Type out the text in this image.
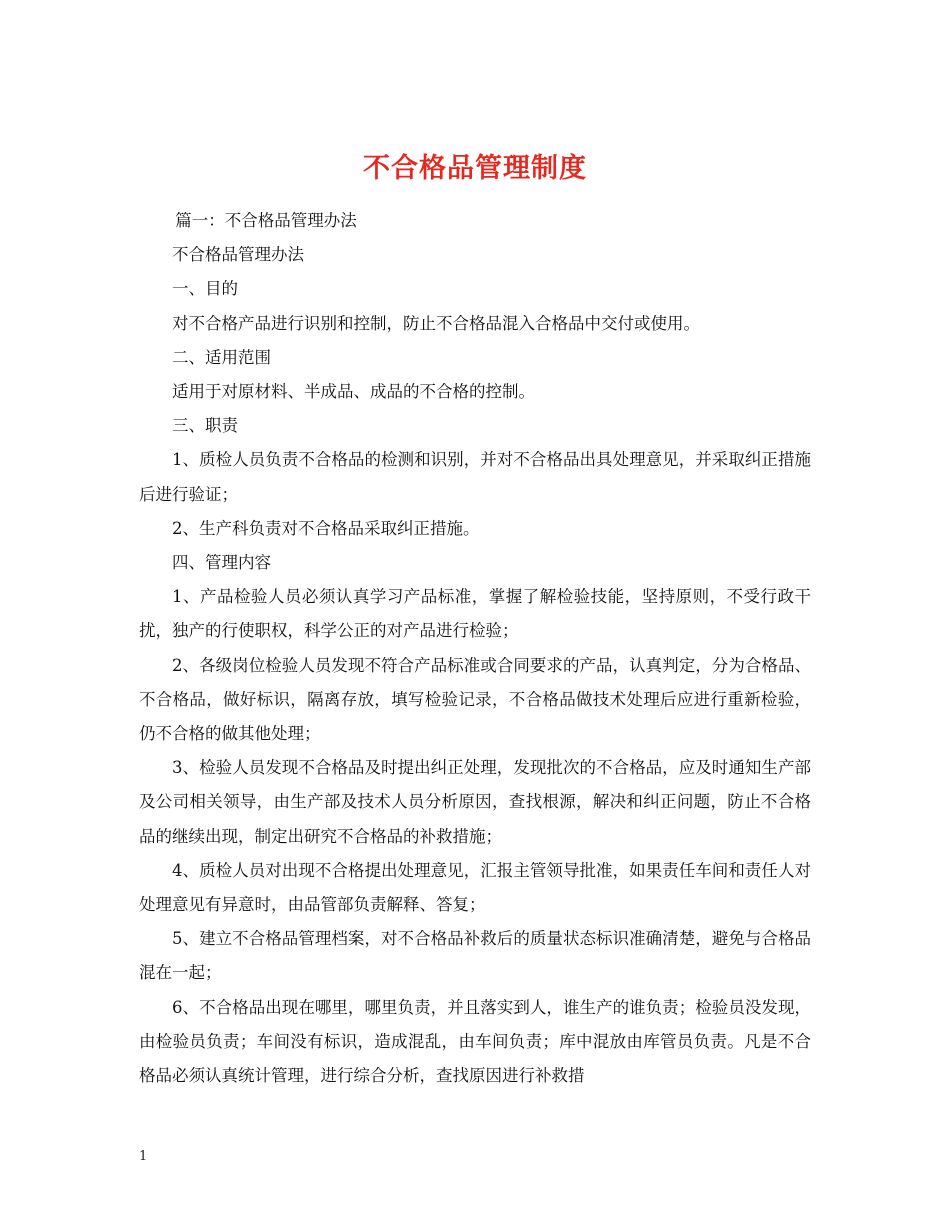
不合格品管理制度

篇一：不合格品管理办法

不合格品管理办法

一、目的

对不合格产品进行识别和控制，防止不合格品混入合格品中交付或使用。

二、适用范围

适用于对原材料、半成品、成品的不合格的控制。

三、职责

1、质检人员负责不合格品的检测和识别，并对不合格品出具处理意见，并采取纠正措施后进行验证；

2、生产科负责对不合格品采取纠正措施。

四、管理内容

1、产品检验人员必须认真学习产品标准，掌握了解检验技能，坚持原则，不受行政干扰，独产的行使职权，科学公正的对产品进行检验；

2、各级岗位检验人员发现不符合产品标准或合同要求的产品，认真判定，分为合格品、不合格品，做好标识，隔离存放，填写检验记录，不合格品做技术处理后应进行重新检验，仍不合格的做其他处理；

3、检验人员发现不合格品及时提出纠正处理，发现批次的不合格品，应及时通知生产部及公司相关领导，由生产部及技术人员分析原因，查找根源，解决和纠正问题，防止不合格品的继续出现，制定出研究不合格品的补救措施；

4、质检人员对出现不合格提出处理意见，汇报主管领导批准，如果责任车间和责任人对处理意见有异意时，由品管部负责解释、答复；

5、建立不合格品管理档案，对不合格品补救后的质量状态标识准确清楚，避免与合格品混在一起；

6、不合格品出现在哪里，哪里负责，并且落实到人，谁生产的谁负责；检验员没发现，由检验员负责；车间没有标识，造成混乱，由车间负责；库中混放由库管员负责。凡是不合格品必须认真统计管理，进行综合分析，查找原因进行补救措

1
